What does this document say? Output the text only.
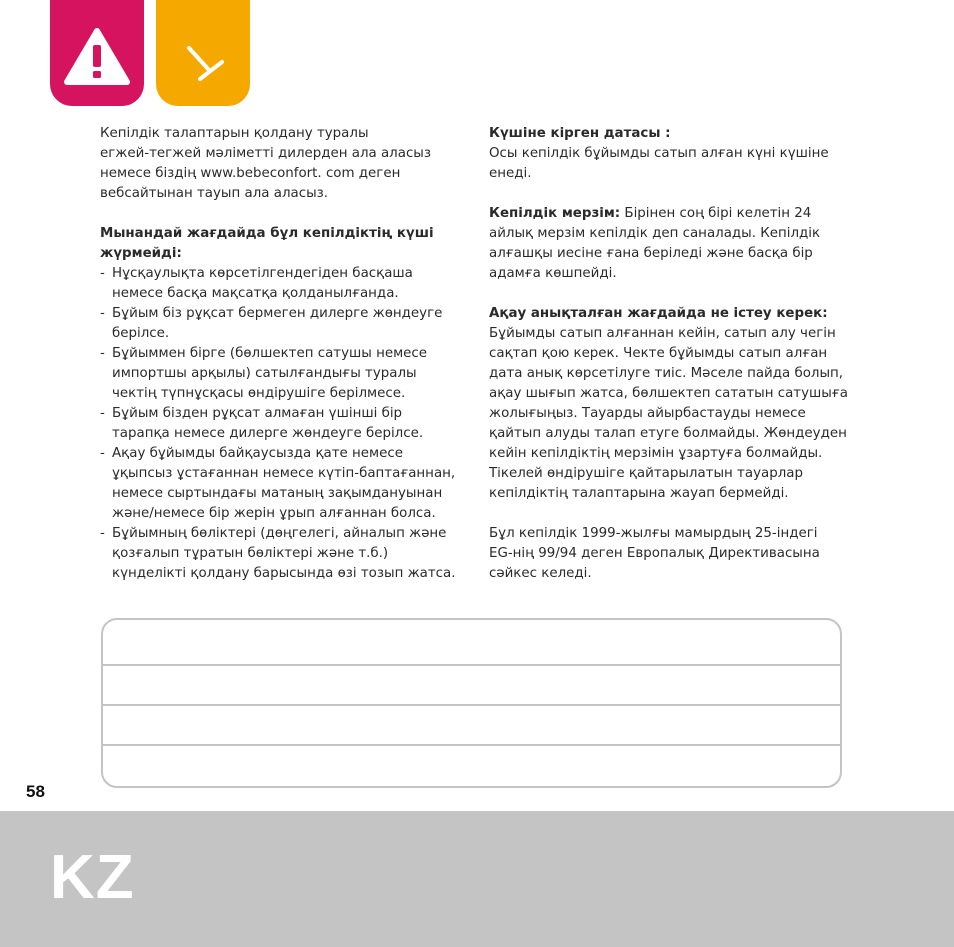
Кепілдік талаптарын қолдану туралы
егжей-тегжей мәліметті дилерден ала аласыз
немесе біздің www.bebeconfort. com деген
вебсайтынан тауып ала аласыз.

Мынандай жағдайда бұл кепілдіктің күші жүрмейді:

- Нұсқаулықта көрсетілгендегіден басқаша
немесе басқа мақсатқа қолданылғанда.

- Бұйым біз рұқсат бермеген дилерге жөндеуге
берілсе.

- Бұйыммен бірге (бөлшектеп сатушы немесе
импортшы арқылы) сатылғандығы туралы
чектің түпнұсқасы өндірушіге берілмесе.

- Бұйым бізден рұқсат алмаған үшінші бір
тарапқа немесе дилерге жөндеуге берілсе.

- Ақау бұйымды байқаусызда қате немесе
ұқыпсыз ұстағаннан немесе күтіп-баптағаннан,
немесе сыртындағы матаның зақымдануынан
және/немесе бір жерін ұрып алғаннан болса.

- Бұйымның бөліктері (дөңгелегі, айналып және
қозғалып тұратын бөліктері және т.б.)
күнделікті қолдану барысында өзі тозып жатса.

Күшіне кірген датасы :

Осы кепілдік бұйымды сатып алған күні күшіне
енеді.

Кепілдік мерзім: Бірінен соң бірі келетін 24
айлық мерзім кепілдік деп саналады. Кепілдік
алғашқы иесіне ғана беріледі және басқа бір
адамға көшпейді.

Ақау анықталған жағдайда не істеу керек:

Бұйымды сатып алғаннан кейін, сатып алу чегін
сақтап қою керек. Чекте бұйымды сатып алған
дата анық көрсетілуге тиіс. Мәселе пайда болып,
ақау шығып жатса, бөлшектеп сататын сатушыға
жолығыңыз. Тауарды айырбастауды немесе
қайтып алуды талап етуге болмайды. Жөндеуден
кейін кепілдіктің мерзімін ұзартуға болмайды.
Тікелей өндірушіге қайтарылатын тауарлар
кепілдіктің талаптарына жауап бермейді.

Бұл кепілдік 1999-жылғы мамырдың 25-індегі
EG-нің 99/94 деген Европалық Директивасына
сәйкес келеді.

58
KZ
